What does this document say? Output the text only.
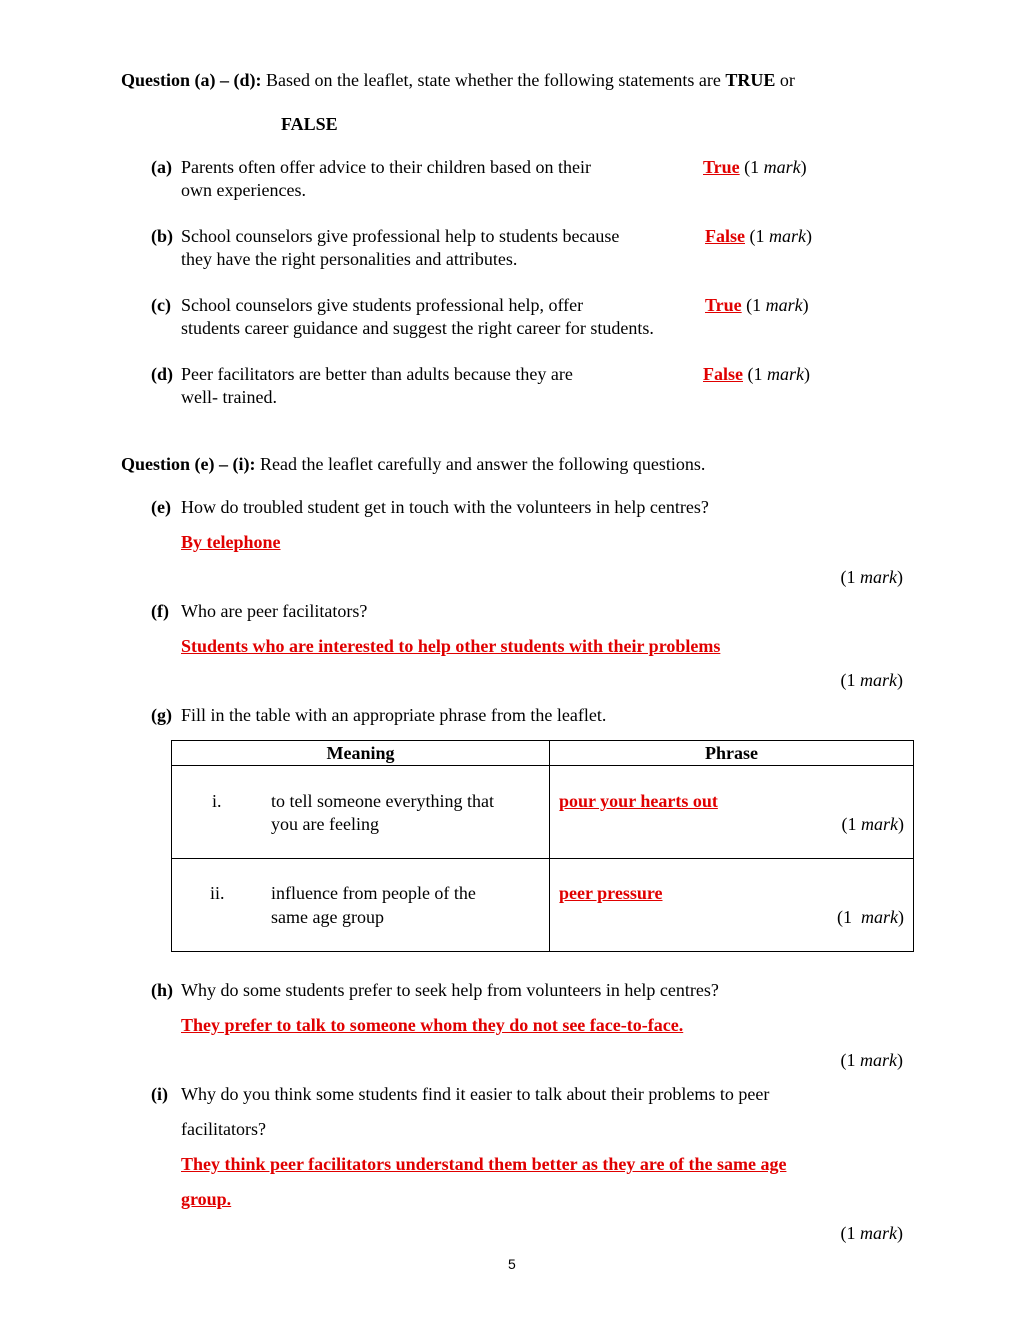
Question (a) – (d): Based on the leaflet, state whether the following statements are TRUE or
FALSE
(a) Parents often offer advice to their children based on their
own experiences.
True (1 mark)
(b) School counselors give professional help to students because
they have the right personalities and attributes.
False (1 mark)
(c) School counselors give students professional help, offer
students career guidance and suggest the right career for students.
True (1 mark)
(d) Peer facilitators are better than adults because they are
well- trained.
False (1 mark)
Question (e) – (i): Read the leaflet carefully and answer the following questions.
(e) How do troubled student get in touch with the volunteers in help centres?
By telephone
(1 mark)
(f) Who are peer facilitators?
Students who are interested to help other students with their problems
(1 mark)
(g) Fill in the table with an appropriate phrase from the leaflet.
Meaning	Phrase

i. to tell someone everything that
you are feeling	pour your hearts out
(1 mark)

ii. influence from people of the
same age group	peer pressure
(1  mark)
(h) Why do some students prefer to seek help from volunteers in help centres?
They prefer to talk to someone whom they do not see face-to-face.
(1 mark)
(i) Why do you think some students find it easier to talk about their problems to peer
facilitators?
They think peer facilitators understand them better as they are of the same age
group.
(1 mark)
5
